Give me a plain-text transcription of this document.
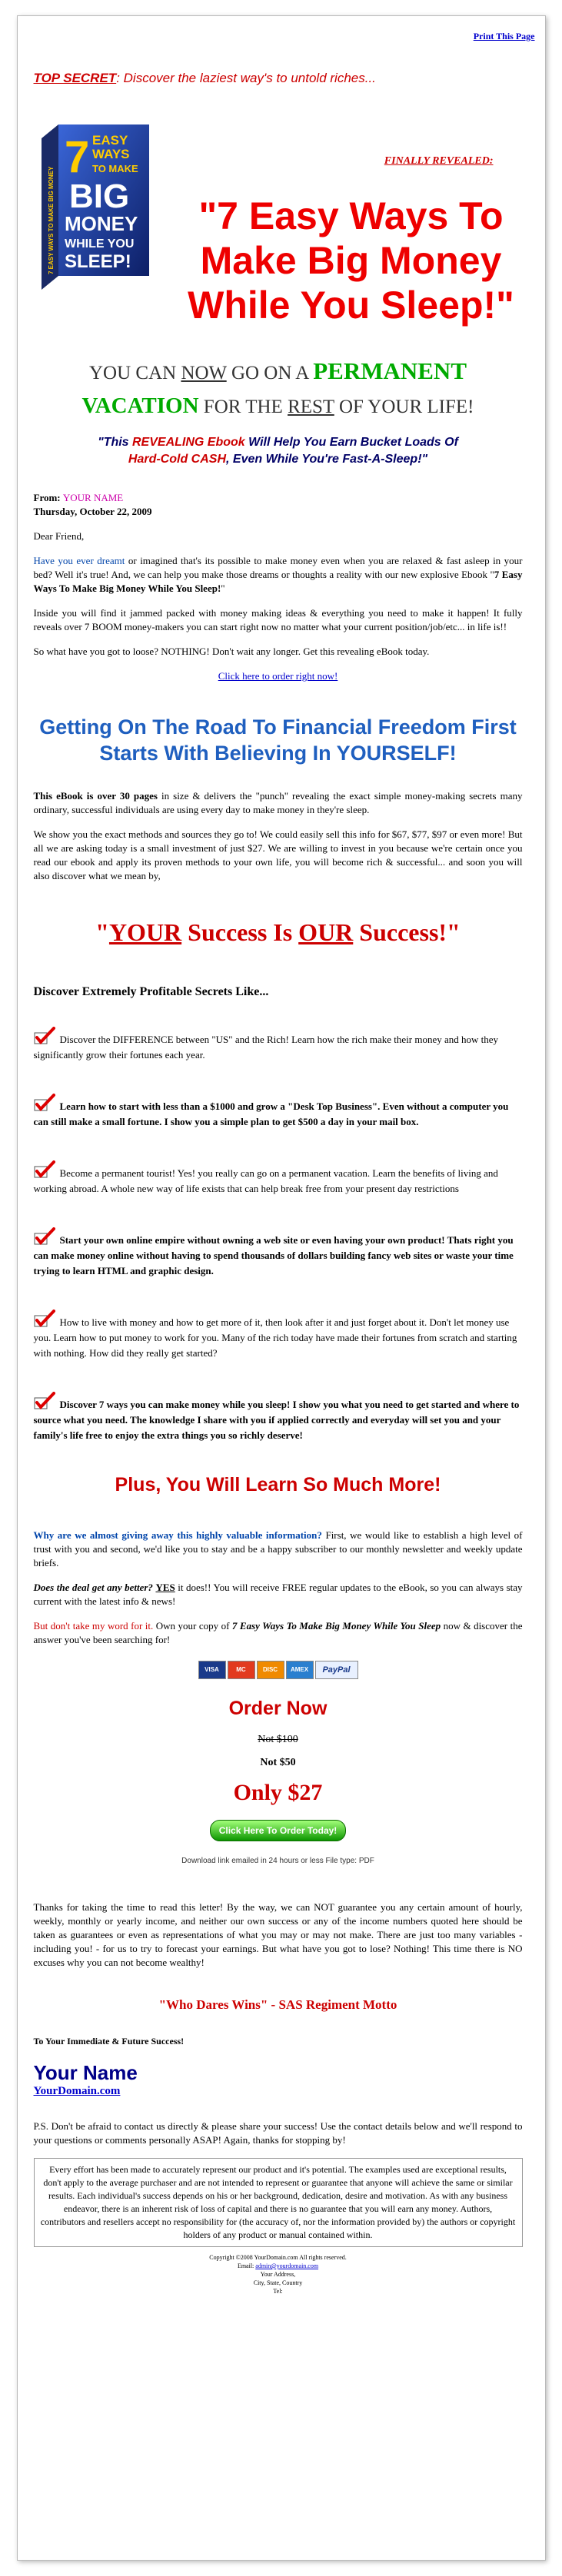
Print This Page
TOP SECRET: Discover the laziest way's to untold riches...
7 EASY
WAYS
TO MAKE
BIG
MONEY
WHILE YOU
SLEEP!
7 EASY WAYS TO MAKE BIG MONEY
FINALLY REVEALED:
"7 Easy Ways To Make Big Money While You Sleep!"
YOU CAN NOW GO ON A PERMANENT
VACATION FOR THE REST OF YOUR LIFE!
"This REVEALING Ebook Will Help You Earn Bucket Loads Of
Hard-Cold CASH, Even While You're Fast-A-Sleep!"

From: YOUR NAME
Thursday, October 22, 2009

Dear Friend,

Have you ever dreamt or imagined that's its possible to make money even when you are relaxed & fast asleep in your bed? Well it's true! And, we can help you make those dreams or thoughts a reality with our new explosive Ebook "7 Easy Ways To Make Big Money While You Sleep!"

Inside you will find it jammed packed with money making ideas & everything you need to make it happen! It fully reveals over 7 BOOM money-makers you can start right now no matter what your current position/job/etc... in life is!!

So what have you got to loose? NOTHING! Don't wait any longer. Get this revealing eBook today.

Click here to order right now!

Getting On The Road To Financial Freedom First Starts With Believing In YOURSELF!

This eBook is over 30 pages in size & delivers the "punch" revealing the exact simple money-making secrets many ordinary, successful individuals are using every day to make money in they're sleep.

We show you the exact methods and sources they go to! We could easily sell this info for $67, $77, $97 or even more! But all we are asking today is a small investment of just $27. We are willing to invest in you because we're certain once you read our ebook and apply its proven methods to your own life, you will become rich & successful... and soon you will also discover what we mean by,

"YOUR Success Is OUR Success!"
Discover Extremely Profitable Secrets Like...
Discover the DIFFERENCE between "US" and the Rich! Learn how the rich make their money and how they significantly grow their fortunes each year.
Learn how to start with less than a $1000 and grow a "Desk Top Business". Even without a computer you can still make a small fortune. I show you a simple plan to get $500 a day in your mail box.
Become a permanent tourist! Yes! you really can go on a permanent vacation. Learn the benefits of living and working abroad. A whole new way of life exists that can help break free from your present day restrictions
Start your own online empire without owning a web site or even having your own product! Thats right you can make money online without having to spend thousands of dollars building fancy web sites or waste your time trying to learn HTML and graphic design.
How to live with money and how to get more of it, then look after it and just forget about it. Don't let money use you. Learn how to put money to work for you. Many of the rich today have made their fortunes from scratch and starting with nothing. How did they really get started?
Discover 7 ways you can make money while you sleep! I show you what you need to get started and where to source what you need. The knowledge I share with you if applied correctly and everyday will set you and your family's life free to enjoy the extra things you so richly deserve!
Plus, You Will Learn So Much More!

Why are we almost giving away this highly valuable information? First, we would like to establish a high level of trust with you and second, we'd like you to stay and be a happy subscriber to our monthly newsletter and weekly update briefs.

Does the deal get any better? YES it does!! You will receive FREE regular updates to the eBook, so you can always stay current with the latest info & news!

But don't take my word for it. Own your copy of 7 Easy Ways To Make Big Money While You Sleep now & discover the answer you've been searching for!

VISA	MC	DISC AMEX PayPal
Order Now
Not $100
Not $50
Only $27
Click Here To Order Today!
Download link emailed in 24 hours or less File type: PDF

Thanks for taking the time to read this letter! By the way, we can NOT guarantee you any certain amount of hourly, weekly, monthly or yearly income, and neither our own success or any of the income numbers quoted here should be taken as guarantees or even as representations of what you may or may not make. There are just too many variables - including you! - for us to try to forecast your earnings. But what have you got to lose? Nothing! This time there is NO excuses why you can not become wealthy!

"Who Dares Wins" - SAS Regiment Motto
To Your Immediate & Future Success!
Your Name
YourDomain.com

P.S. Don't be afraid to contact us directly & please share your success! Use the contact details below and we'll respond to your questions or comments personally ASAP! Again, thanks for stopping by!

Every effort has been made to accurately represent our product and it's potential. The examples used are exceptional results, don't apply to the average purchaser and are not intended to represent or guarantee that anyone will achieve the same or similar results. Each individual's success depends on his or her background, dedication, desire and motivation. As with any business endeavor, there is an inherent risk of loss of capital and there is no guarantee that you will earn any money. Authors, contributors and resellers accept no responsibility for (the accuracy of, nor the information provided by) the authors or copyright holders of any product or manual contained within.
Copyright ©2008 YourDomain.com All rights reserved.
Email: admin@yourdomain.com
Your Address,
City, State, Country
Tel:
